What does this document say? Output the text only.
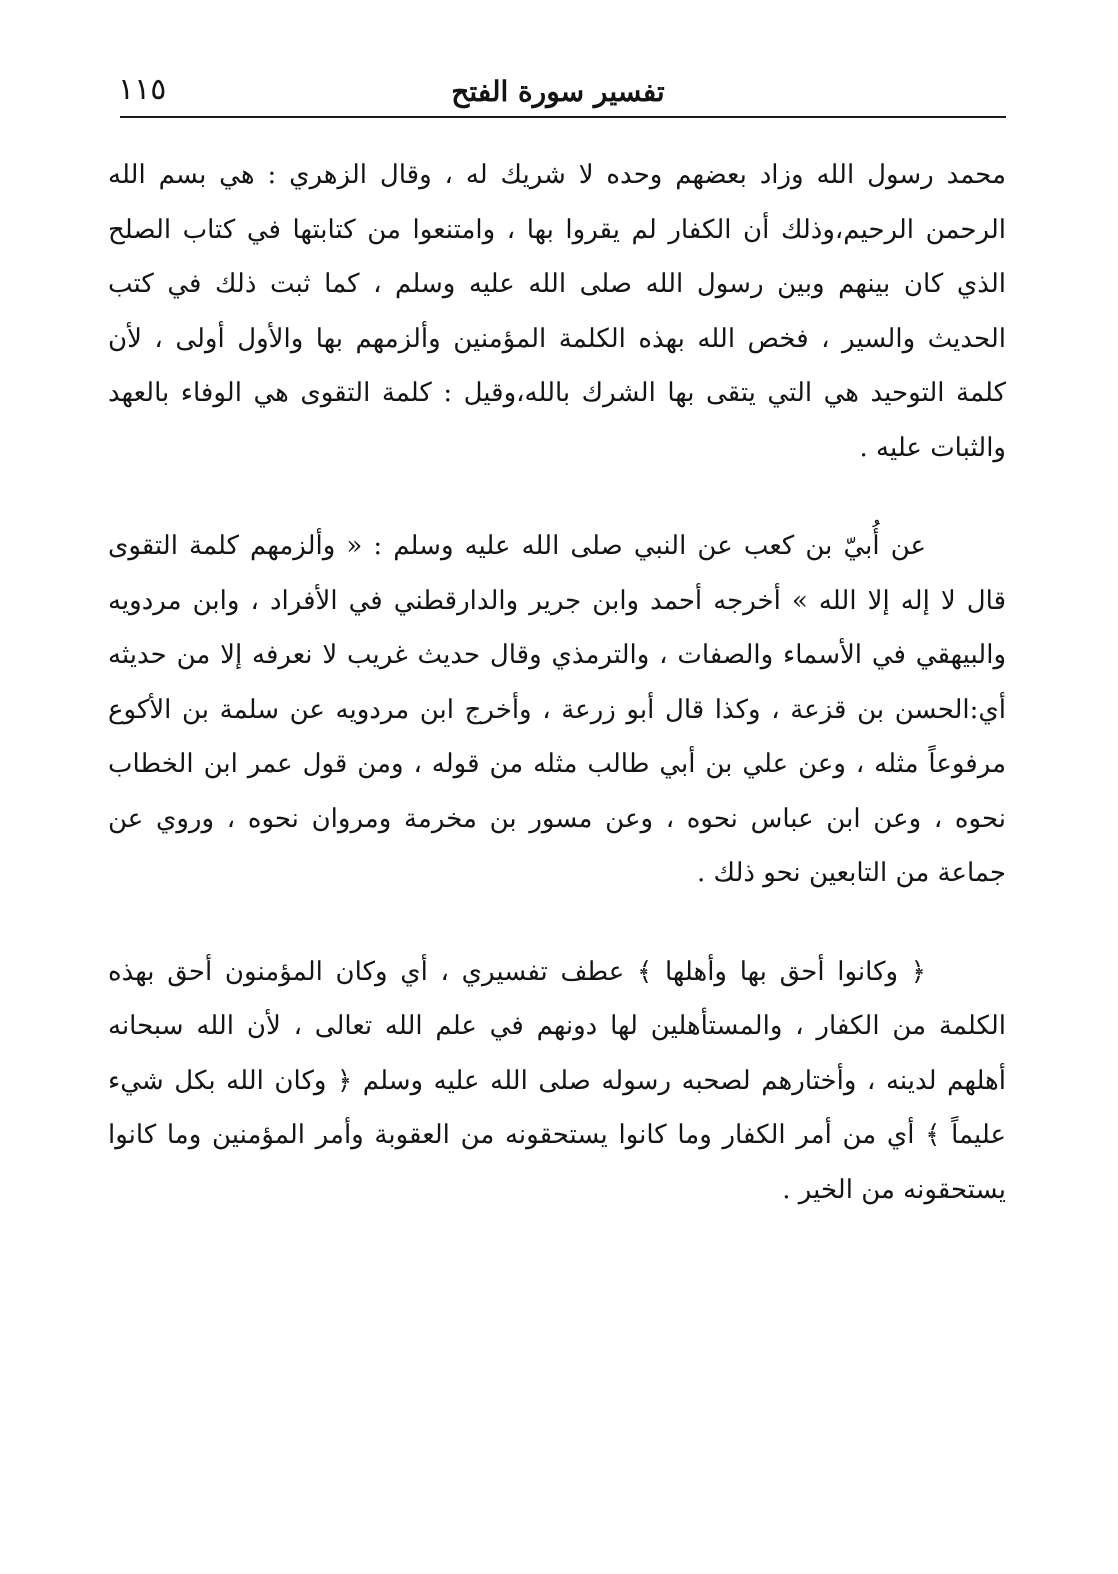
١١٥	تفسير سورة الفتح

محمد رسول الله وزاد بعضهم وحده لا شريك له ، وقال الزهري : هي بسم الله الرحمن الرحيم،وذلك أن الكفار لم يقروا بها ، وامتنعوا من كتابتها في كتاب الصلح الذي كان بينهم وبين رسول الله صلى الله عليه وسلم ، كما ثبت ذلك في كتب الحديث والسير ، فخص الله بهذه الكلمة المؤمنين وألزمهم بها والأول أولى ، لأن كلمة التوحيد هي التي يتقى بها الشرك بالله،وقيل : كلمة التقوى هي الوفاء بالعهد والثبات عليه .

عن أُبيّ بن كعب عن النبي صلى الله عليه وسلم : « وألزمهم كلمة التقوى قال لا إله إلا الله » أخرجه أحمد وابن جرير والدارقطني في الأفراد ، وابن مردويه والبيهقي في الأسماء والصفات ، والترمذي وقال حديث غريب لا نعرفه إلا من حديثه أي:الحسن بن قزعة ، وكذا قال أبو زرعة ، وأخرج ابن مردويه عن سلمة بن الأكوع مرفوعاً مثله ، وعن علي بن أبي طالب مثله من قوله ، ومن قول عمر ابن الخطاب نحوه ، وعن ابن عباس نحوه ، وعن مسور بن مخرمة ومروان نحوه ، وروي عن جماعة من التابعين نحو ذلك .

﴿ وكانوا أحق بها وأهلها ﴾ عطف تفسيري ، أي وكان المؤمنون أحق بهذه الكلمة من الكفار ، والمستأهلين لها دونهم في علم الله تعالى ، لأن الله سبحانه أهلهم لدينه ، وأختارهم لصحبه رسوله صلى الله عليه وسلم ﴿ وكان الله بكل شيء عليماً ﴾ أي من أمر الكفار وما كانوا يستحقونه من العقوبة وأمر المؤمنين وما كانوا يستحقونه من الخير .
